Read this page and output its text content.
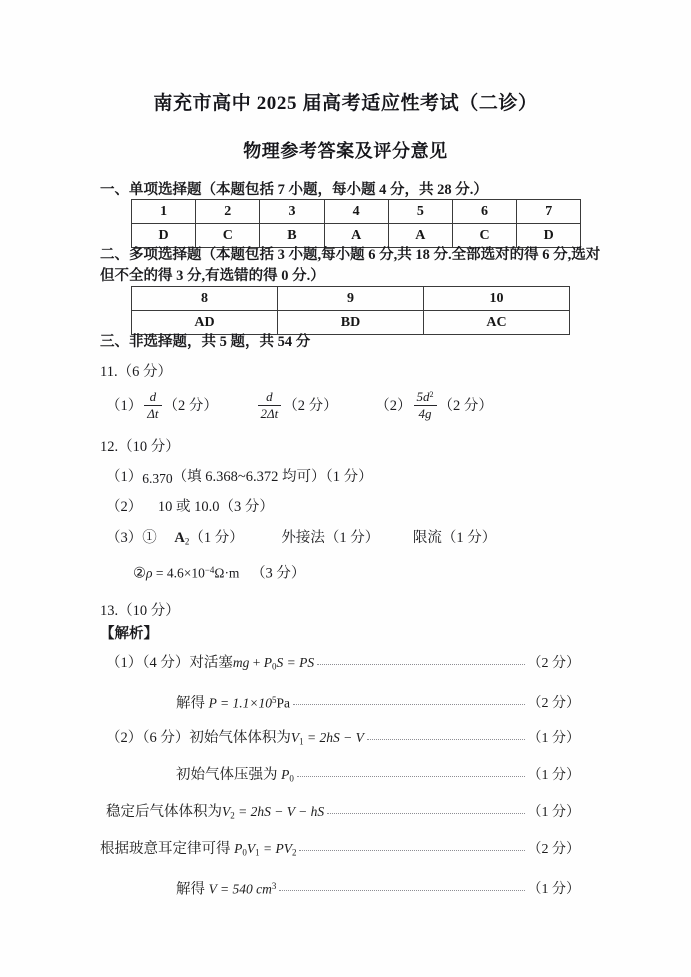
南充市高中 2025 届高考适应性考试（二诊）
物理参考答案及评分意见
一、单项选择题（本题包括 7 小题，每小题 4 分，共 28 分.）
1	2	3	4	5	6	7
D	C	B	A	A	C	D
二、多项选择题（本题包括 3 小题,每小题 6 分,共 18 分.全部选对的得 6 分,选对
但不全的得 3 分,有选错的得 0 分.）
8	9	10
AD	BD	AC
三、非选择题，共 5 题，共 54 分
11.（6 分）
$(1) \frac{d}{\Delta t} (2$ 分）	$\frac{d}{2\Delta t} (2$ 分）	$(2) \frac{5d^2}{4g} (2$ 分）
12.（10 分）
（1）6.370（填 6.368~6.372 均可）（1 分）
（2） 10 或 10.0（3 分）
（3）① $A_2(1$ 分）	外接法（1 分） 限流（1 分）
②ρ = $4.6\times 10^{-4}\Omega\cdot m$ （3 分）
13.（10 分）
【解析】
（1）（4 分）对活塞mg + $P_0S$ = PS	（2 分）
解得 $P = 1.1\times 10^5Pa$	（2 分）
（2）（6 分）初始气体体积为$V_1 = 2hS - V$	（1 分）
初始气体压强为 $P_0$	（1 分）
稳定后气体体积为$V_2 = 2hS - V$ − hS	（1 分）
根据玻意耳定律可得 $P_0V_1 = PV_2$	（2 分）
解得 V = 540 $cm^3$	（1 分）
